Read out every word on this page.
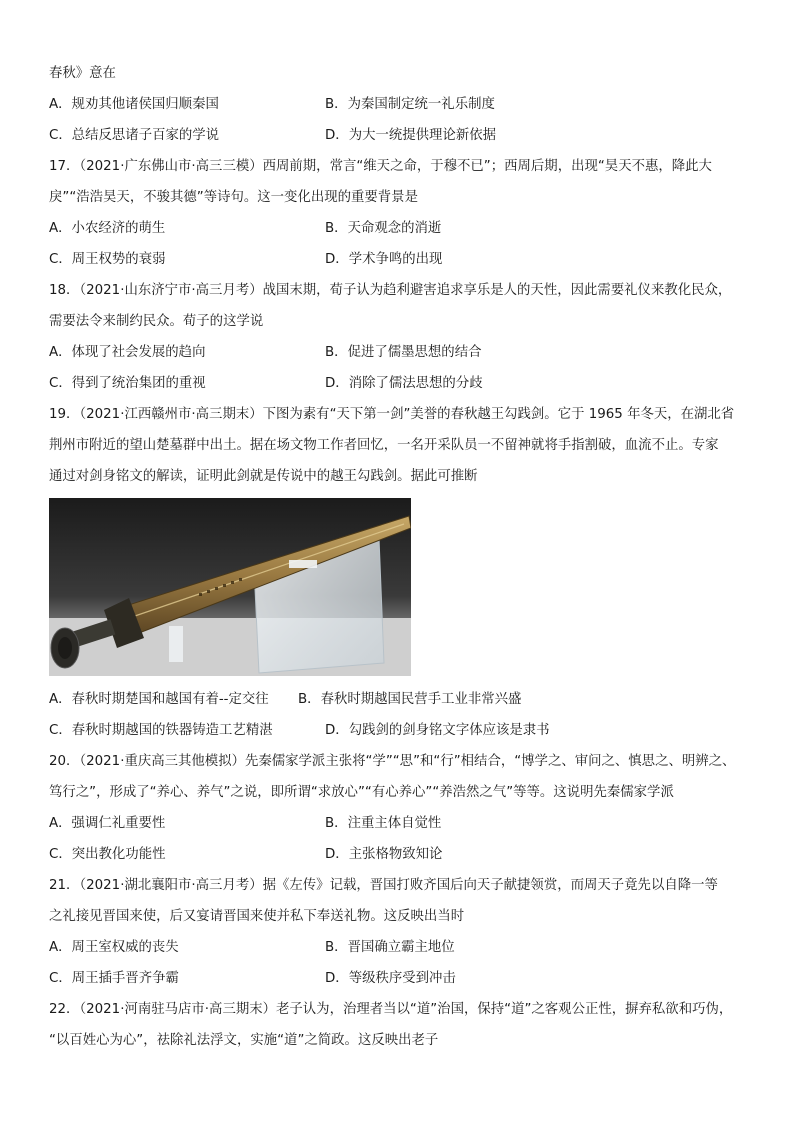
春秋》意在
A．规劝其他诸侯国归顺秦国	B．为秦国制定统一礼乐制度
C．总结反思诸子百家的学说	D．为大一统提供理论新依据
17．（2021·广东佛山市·高三三模）西周前期，常言“维天之命，于穆不已”；西周后期，出现“昊天不惠，降此大
戾”“浩浩昊天，不骏其德”等诗句。这一变化出现的重要背景是
A．小农经济的萌生	B．天命观念的消逝
C．周王权势的衰弱	D．学术争鸣的出现
18．（2021·山东济宁市·高三月考）战国末期，荀子认为趋利避害追求享乐是人的天性，因此需要礼仪来教化民众，
需要法令来制约民众。荀子的这学说
A．体现了社会发展的趋向	B．促进了儒墨思想的结合
C．得到了统治集团的重视	D．消除了儒法思想的分歧
19．（2021·江西赣州市·高三期末）下图为素有“天下第一剑”美誉的春秋越王勾践剑。它于 1965 年冬天，在湖北省
荆州市附近的望山楚墓群中出土。据在场文物工作者回忆，一名开采队员一不留神就将手指割破，血流不止。专家
通过对剑身铭文的解读，证明此剑就是传说中的越王勾践剑。据此可推断
A．春秋时期楚国和越国有着--定交往	B．春秋时期越国民营手工业非常兴盛
C．春秋时期越国的铁器铸造工艺精湛	D．勾践剑的剑身铭文字体应该是隶书
20．（2021·重庆高三其他模拟）先秦儒家学派主张将“学”“思”和“行”相结合，“博学之、审问之、慎思之、明辨之、
笃行之”，形成了“养心、养气”之说，即所谓“求放心”“有心养心”“养浩然之气”等等。这说明先秦儒家学派
A．强调仁礼重要性	B．注重主体自觉性
C．突出教化功能性	D．主张格物致知论
21．（2021·湖北襄阳市·高三月考）据《左传》记载，晋国打败齐国后向天子献捷领赏，而周天子竟先以自降一等
之礼接见晋国来使，后又宴请晋国来使并私下奉送礼物。这反映出当时
A．周王室权威的丧失	B．晋国确立霸主地位
C．周王插手晋齐争霸	D．等级秩序受到冲击
22．（2021·河南驻马店市·高三期末）老子认为，治理者当以“道”治国，保持“道”之客观公正性，摒弃私欲和巧伪，
“以百姓心为心”，祛除礼法浮文，实施“道”之简政。这反映出老子
